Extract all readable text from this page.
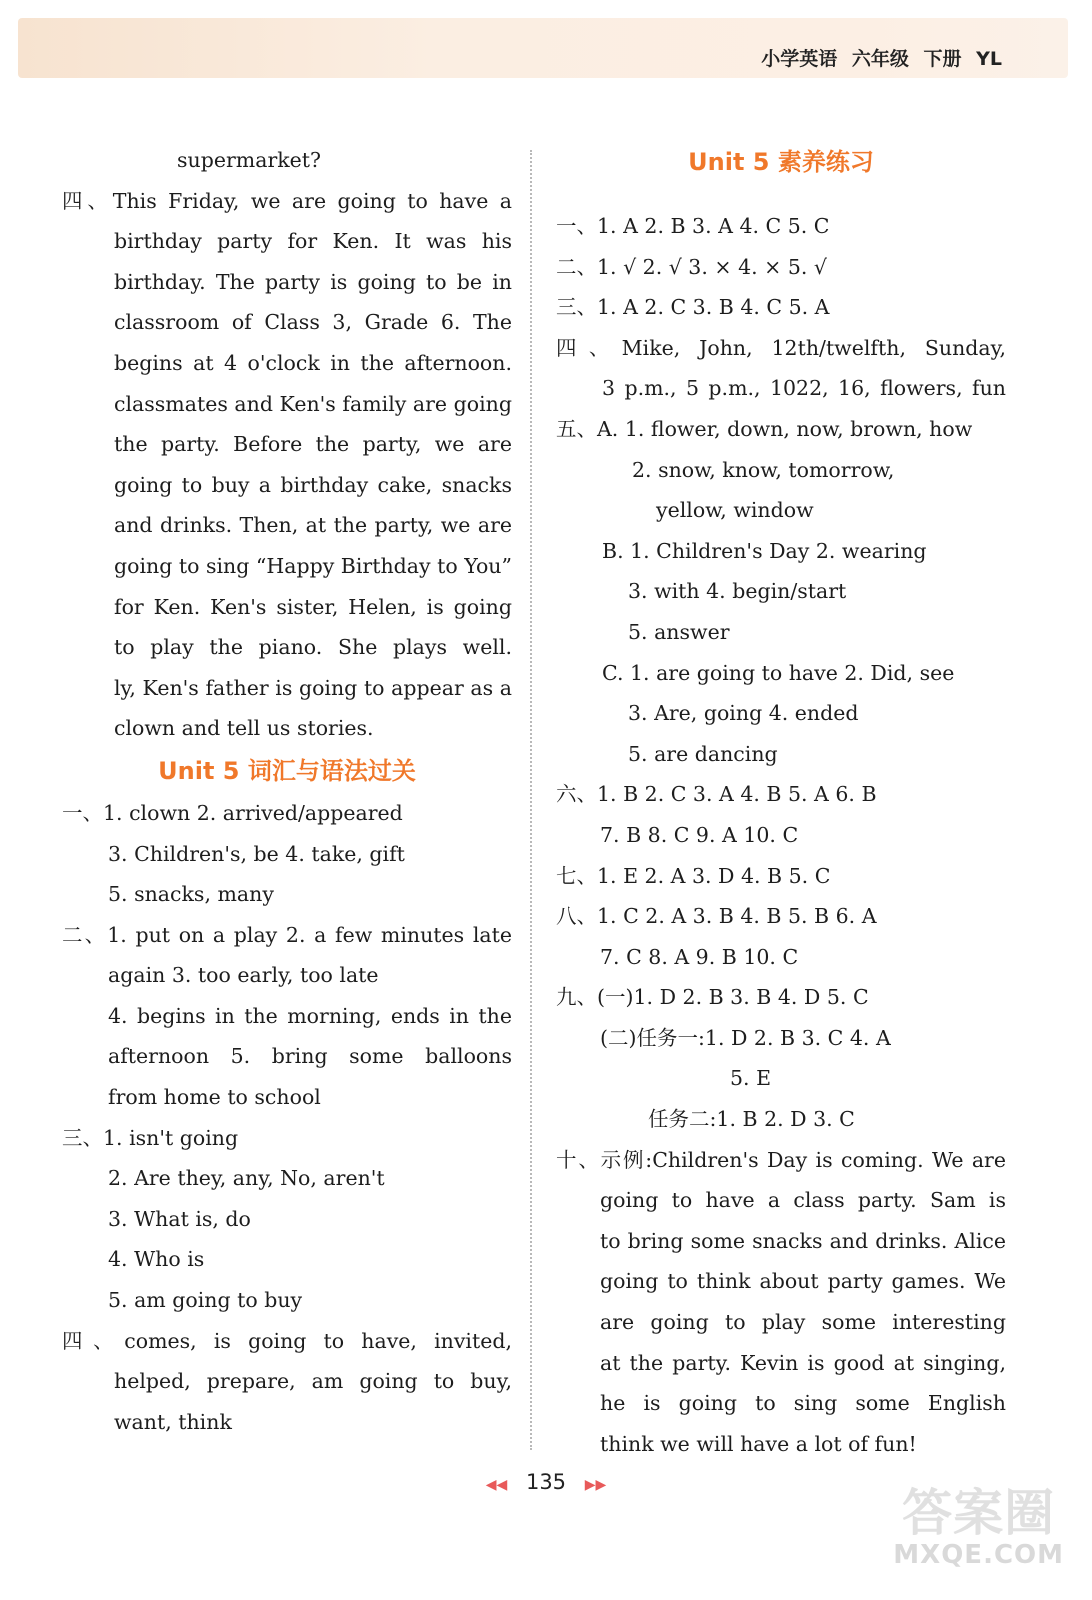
小学英语 六年级 下册 YL
supermarket?
四、This Friday, we are going to have a
birthday party for Ken. It was his
birthday. The party is going to be in
classroom of Class 3, Grade 6. The
begins at 4 o'clock in the afternoon.
classmates and Ken's family are going
the party. Before the party, we are
going to buy a birthday cake, snacks
and drinks. Then, at the party, we are
going to sing “Happy Birthday to You”
for Ken. Ken's sister, Helen, is going
to play the piano. She plays well.
ly, Ken's father is going to appear as a
clown and tell us stories.
Unit 5 词汇与语法过关
一、1. clown 2. arrived/appeared
3. Children's, be 4. take, gift
5. snacks, many
二、1. put on a play 2. a few minutes late
again 3. too early, too late
4. begins in the morning, ends in the
afternoon 5. bring some balloons
from home to school
三、1. isn't going
2. Are they, any, No, aren't
3. What is, do
4. Who is
5. am going to buy
四、comes, is going to have, invited,
helped, prepare, am going to buy,
want, think
Unit 5 素养练习
一、1. A 2. B 3. A 4. C 5. C
二、1. √ 2. √ 3. × 4. × 5. √
三、1. A 2. C 3. B 4. C 5. A
四、Mike, John, 12th/twelfth, Sunday,
3 p.m., 5 p.m., 1022, 16, flowers, fun
五、A. 1. flower, down, now, brown, how
2. snow, know, tomorrow,
yellow, window
B. 1. Children's Day 2. wearing
3. with 4. begin/start
5. answer
C. 1. are going to have 2. Did, see
3. Are, going 4. ended
5. are dancing
六、1. B 2. C 3. A 4. B 5. A 6. B
7. B 8. C 9. A 10. C
七、1. E 2. A 3. D 4. B 5. C
八、1. C 2. A 3. B 4. B 5. B 6. A
7. C 8. A 9. B 10. C
九、(一)1. D 2. B 3. B 4. D 5. C
(二)任务一:1. D 2. B 3. C 4. A
5. E
任务二:1. B 2. D 3. C
十、示例:Children's Day is coming. We are
going to have a class party. Sam is
to bring some snacks and drinks. Alice
going to think about party games. We
are going to play some interesting
at the party. Kevin is good at singing,
he is going to sing some English
think we will have a lot of fun!
◀◀ 135 ▶▶	答案圈
MXQE.COM
